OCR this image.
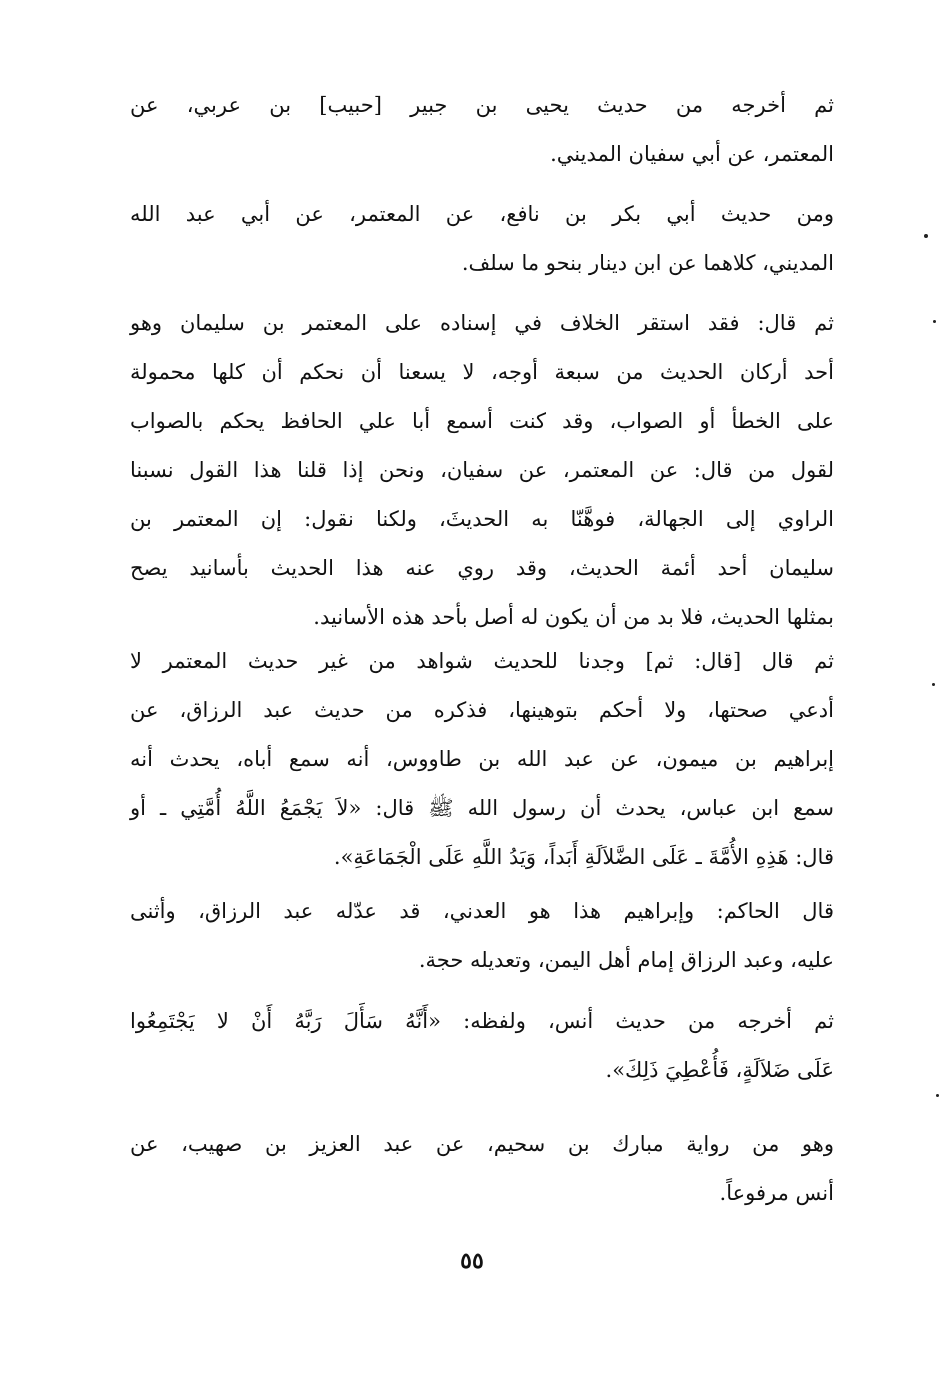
ثم أخرجه من حديث يحيى بن جبير [حبيب] بن عربي، عن
المعتمر، عن أبي سفيان المديني.
ومن حديث أبي بكر بن نافع، عن المعتمر، عن أبي عبد الله
المديني، كلاهما عن ابن دينار بنحو ما سلف.
ثم قال: فقد استقر الخلاف في إسناده على المعتمر بن سليمان وهو
أحد أركان الحديث من سبعة أوجه، لا يسعنا أن نحكم أن كلها محمولة
على الخطأ أو الصواب، وقد كنت أسمع أبا علي الحافظ يحكم بالصواب
لقول من قال: عن المعتمر، عن سفيان، ونحن إذا قلنا هذا القول نسبنا
الراوي إلى الجهالة، فوهَّنّا به الحديثَ، ولكنا نقول: إن المعتمر بن
سليمان أحد أئمة الحديث، وقد روي عنه هذا الحديث بأسانيد يصح
بمثلها الحديث، فلا بد من أن يكون له أصل بأحد هذه الأسانيد.
ثم قال [قال: ثم] وجدنا للحديث شواهد من غير حديث المعتمر لا
أدعي صحتها، ولا أحكم بتوهينها، فذكره من حديث عبد الرزاق، عن
إبراهيم بن ميمون، عن عبد الله بن طاووس، أنه سمع أباه، يحدث أنه
سمع ابن عباس، يحدث أن رسول الله ﷺ قال: «لاَ يَجْمَعُ اللَّهُ أُمَّتِي ـ أو
قال: هَذِهِ الأُمَّةَ ـ عَلَى الضَّلاَلَةِ أَبَداً، وَيَدُ اللَّهِ عَلَى الْجَمَاعَةِ».
قال الحاكم: وإبراهيم هذا هو العدني، قد عدّله عبد الرزاق، وأثنى
عليه، وعبد الرزاق إمام أهل اليمن، وتعديله حجة.
ثم أخرجه من حديث أنس، ولفظه: «أَنَّهُ سَأَلَ رَبَّهُ أَنْ لا يَجْتَمِعُوا
عَلَى ضَلاَلَةٍ، فَأُعْطِيَ ذَلِكَ».
وهو من رواية مبارك بن سحيم، عن عبد العزيز بن صهيب، عن
أنس مرفوعاً.
٥٥
